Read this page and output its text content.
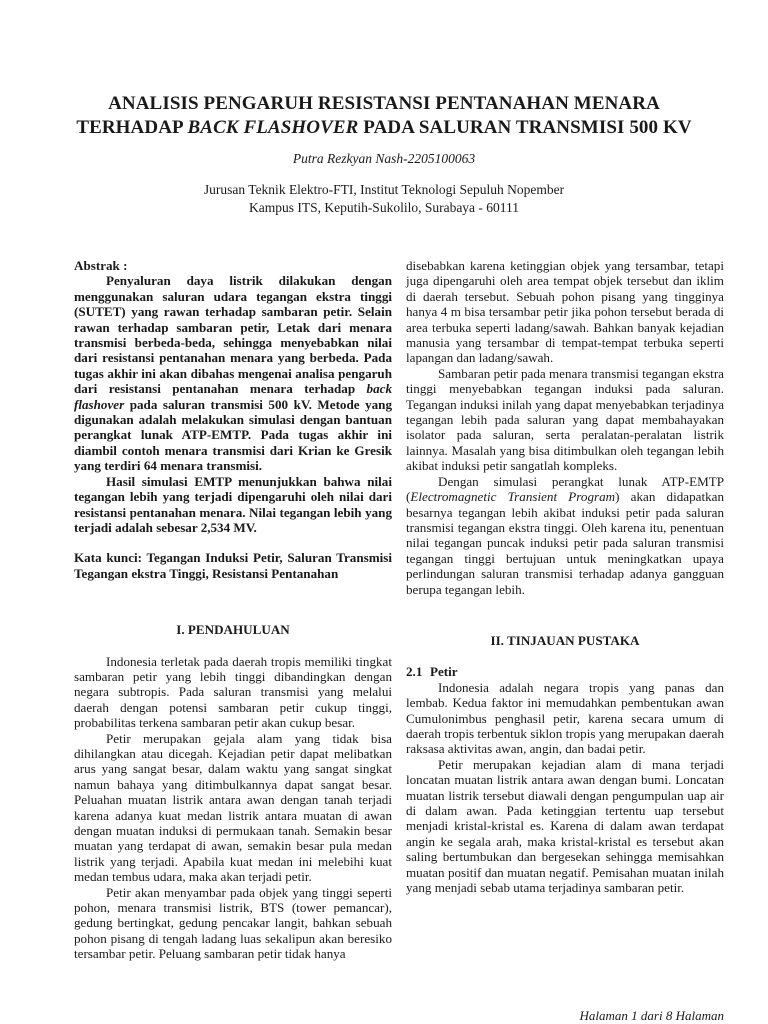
ANALISIS PENGARUH RESISTANSI PENTANAHAN MENARA
TERHADAP BACK FLASHOVER PADA SALURAN TRANSMISI 500 KV
Putra Rezkyan Nash-2205100063
Jurusan Teknik Elektro-FTI, Institut Teknologi Sepuluh Nopember
Kampus ITS, Keputih-Sukolilo, Surabaya - 60111

Abstrak :

Penyaluran daya listrik dilakukan dengan menggunakan saluran udara tegangan ekstra tinggi (SUTET) yang rawan terhadap sambaran petir. Selain rawan terhadap sambaran petir, Letak dari menara transmisi berbeda-beda, sehingga menyebabkan nilai dari resistansi pentanahan menara yang berbeda. Pada tugas akhir ini akan dibahas mengenai analisa pengaruh dari resistansi pentanahan menara terhadap back flashover pada saluran transmisi 500 kV. Metode yang digunakan adalah melakukan simulasi dengan bantuan perangkat lunak ATP-EMTP. Pada tugas akhir ini diambil contoh menara transmisi dari Krian ke Gresik yang terdiri 64 menara transmisi.

Hasil simulasi EMTP menunjukkan bahwa nilai tegangan lebih yang terjadi dipengaruhi oleh nilai dari resistansi pentanahan menara. Nilai tegangan lebih yang terjadi adalah sebesar 2,534 MV.

Kata kunci: Tegangan Induksi Petir, Saluran Transmisi Tegangan ekstra Tinggi, Resistansi Pentanahan

I. PENDAHULUAN

Indonesia terletak pada daerah tropis memiliki tingkat sambaran petir yang lebih tinggi dibandingkan dengan negara subtropis. Pada saluran transmisi yang melalui daerah dengan potensi sambaran petir cukup tinggi, probabilitas terkena sambaran petir akan cukup besar.

Petir merupakan gejala alam yang tidak bisa dihilangkan atau dicegah. Kejadian petir dapat melibatkan arus yang sangat besar, dalam waktu yang sangat singkat namun bahaya yang ditimbulkannya dapat sangat besar. Peluahan muatan listrik antara awan dengan tanah terjadi karena adanya kuat medan listrik antara muatan di awan dengan muatan induksi di permukaan tanah. Semakin besar muatan yang terdapat di awan, semakin besar pula medan listrik yang terjadi. Apabila kuat medan ini melebihi kuat medan tembus udara, maka akan terjadi petir.

Petir akan menyambar pada objek yang tinggi seperti pohon, menara transmisi listrik, BTS (tower pemancar), gedung bertingkat, gedung pencakar langit, bahkan sebuah pohon pisang di tengah ladang luas sekalipun akan beresiko tersambar petir. Peluang sambaran petir tidak hanya

disebabkan karena ketinggian objek yang tersambar, tetapi juga dipengaruhi oleh area tempat objek tersebut dan iklim di daerah tersebut. Sebuah pohon pisang yang tingginya hanya 4 m bisa tersambar petir jika pohon tersebut berada di area terbuka seperti ladang/sawah. Bahkan banyak kejadian manusia yang tersambar di tempat-tempat terbuka seperti lapangan dan ladang/sawah.

Sambaran petir pada menara transmisi tegangan ekstra tinggi menyebabkan tegangan induksi pada saluran. Tegangan induksi inilah yang dapat menyebabkan terjadinya tegangan lebih pada saluran yang dapat membahayakan isolator pada saluran, serta peralatan-peralatan listrik lainnya. Masalah yang bisa ditimbulkan oleh tegangan lebih akibat induksi petir sangatlah kompleks.

Dengan simulasi perangkat lunak ATP-EMTP (Electromagnetic Transient Program) akan didapatkan besarnya tegangan lebih akibat induksi petir pada saluran transmisi tegangan ekstra tinggi. Oleh karena itu, penentuan nilai tegangan puncak induksi petir pada saluran transmisi tegangan tinggi bertujuan untuk meningkatkan upaya perlindungan saluran transmisi terhadap adanya gangguan berupa tegangan lebih.

II. TINJAUAN PUSTAKA

2.1 Petir

Indonesia adalah negara tropis yang panas dan lembab. Kedua faktor ini memudahkan pembentukan awan Cumulonimbus penghasil petir, karena secara umum di daerah tropis terbentuk siklon tropis yang merupakan daerah raksasa aktivitas awan, angin, dan badai petir.

Petir merupakan kejadian alam di mana terjadi loncatan muatan listrik antara awan dengan bumi. Loncatan muatan listrik tersebut diawali dengan pengumpulan uap air di dalam awan. Pada ketinggian tertentu uap tersebut menjadi kristal-kristal es. Karena di dalam awan terdapat angin ke segala arah, maka kristal-kristal es tersebut akan saling bertumbukan dan bergesekan sehingga memisahkan muatan positif dan muatan negatif. Pemisahan muatan inilah yang menjadi sebab utama terjadinya sambaran petir.

Halaman 1 dari 8 Halaman
